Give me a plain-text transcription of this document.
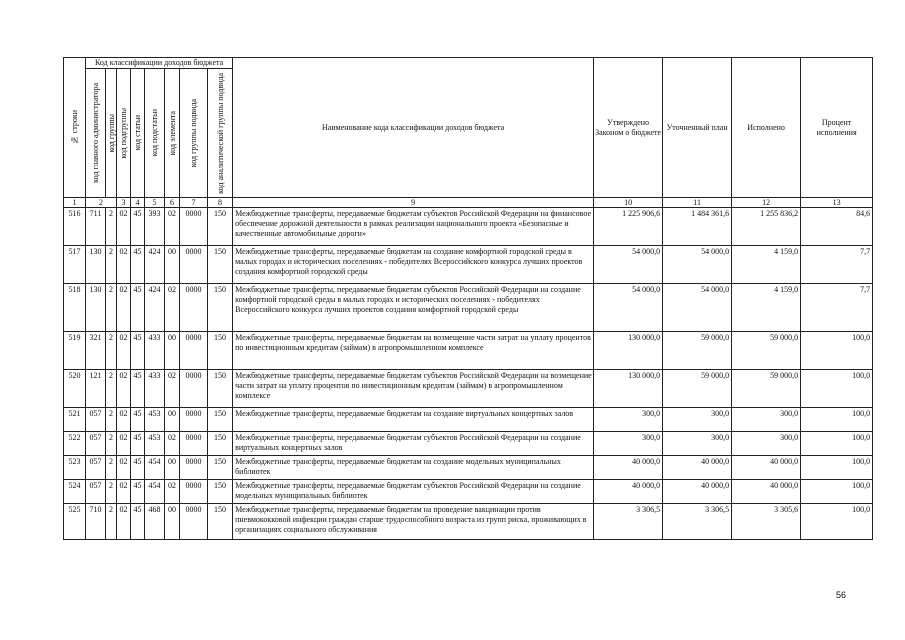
№ строки	Код классификации доходов бюджета								Наименование кода классификации доходов бюджета	Утверждено Законом о бюджете	Уточненный план	Исполнено	Процент исполнения

	код главного администратора	код группы	код подгруппы	код статьи	код подстатьи	код элемента	код группы подвида	код аналитической группы подвида					

1	2		3	4	5	6	7	8	9	10	11	12	13
516	711	2	02	45	393	02	0000	150	Межбюджетные трансферты, передаваемые бюджетам субъектов Российской Федерации на финансовое обеспечение дорожной деятельности в рамках реализации национального проекта «Безопасные и качественные автомобильные дороги»	1 225 906,6	1 484 361,6	1 255 836,2	84,6
517	130	2	02	45	424	00	0000	150	Межбюджетные трансферты, передаваемые бюджетам на создание комфортной городской среды в малых городах и исторических поселениях - победителях Всероссийского конкурса лучших проектов создания комфортной городской среды	54 000,0	54 000,0	4 159,0	7,7
518	130	2	02	45	424	02	0000	150	Межбюджетные трансферты, передаваемые бюджетам субъектов Российской Федерации на создание комфортной городской среды в малых городах и исторических поселениях - победителях Всероссийского конкурса лучших проектов создания комфортной городской среды	54 000,0	54 000,0	4 159,0	7,7
519	321	2	02	45	433	00	0000	150	Межбюджетные трансферты, передаваемые бюджетам на возмещение части затрат на уплату процентов по инвестиционным кредитам (займам) в агропромышленном комплексе	130 000,0	59 000,0	59 000,0	100,0
520	121	2	02	45	433	02	0000	150	Межбюджетные трансферты, передаваемые бюджетам субъектов Российской Федерации на возмещение части затрат на уплату процентов по инвестиционным кредитам (займам) в агропромышленном комплексе	130 000,0	59 000,0	59 000,0	100,0
521	057	2	02	45	453	00	0000	150	Межбюджетные трансферты, передаваемые бюджетам на создание виртуальных концертных залов	300,0	300,0	300,0	100,0
522	057	2	02	45	453	02	0000	150	Межбюджетные трансферты, передаваемые бюджетам субъектов Российской Федерации на создание виртуальных концертных залов	300,0	300,0	300,0	100,0
523	057	2	02	45	454	00	0000	150	Межбюджетные трансферты, передаваемые бюджетам на создание модельных муниципальных библиотек	40 000,0	40 000,0	40 000,0	100,0
524	057	2	02	45	454	02	0000	150	Межбюджетные трансферты, передаваемые бюджетам субъектов Российской Федерации на создание модельных муниципальных библиотек	40 000,0	40 000,0	40 000,0	100,0
525	710	2	02	45	468	00	0000	150	Межбюджетные трансферты, передаваемые бюджетам на проведение вакцинации против пневмококковой инфекции граждан старше трудоспособного возраста из групп риска, проживающих в организациях социального обслуживания	3 306,5	3 306,5	3 305,6	100,0
56
